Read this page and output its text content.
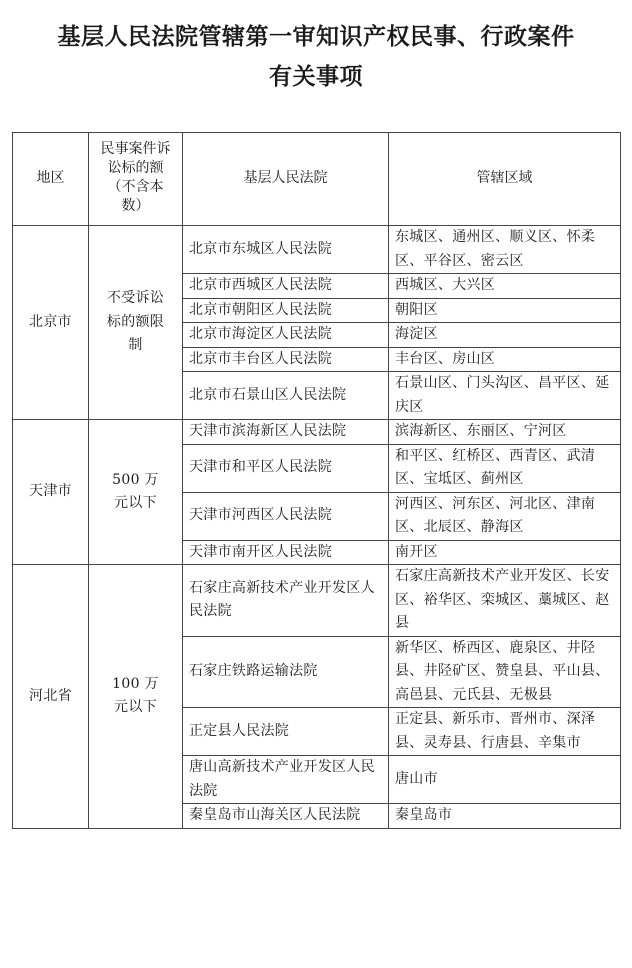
基层人民法院管辖第一审知识产权民事、行政案件
有关事项
地区	民事案件诉讼标的额（不含本数）	基层人民法院	管辖区域
北京市	不受诉讼标的额限制	北京市东城区人民法院	东城区、通州区、顺义区、怀柔区、平谷区、密云区
		北京市西城区人民法院	西城区、大兴区
		北京市朝阳区人民法院	朝阳区
		北京市海淀区人民法院	海淀区
		北京市丰台区人民法院	丰台区、房山区
		北京市石景山区人民法院	石景山区、门头沟区、昌平区、延庆区
天津市	500 万元以下	天津市滨海新区人民法院	滨海新区、东丽区、宁河区
		天津市和平区人民法院	和平区、红桥区、西青区、武清区、宝坻区、蓟州区
		天津市河西区人民法院	河西区、河东区、河北区、津南区、北辰区、静海区
		天津市南开区人民法院	南开区
河北省	100 万元以下	石家庄高新技术产业开发区人民法院	石家庄高新技术产业开发区、长安区、裕华区、栾城区、藁城区、赵县
		石家庄铁路运输法院	新华区、桥西区、鹿泉区、井陉县、井陉矿区、赞皇县、平山县、高邑县、元氏县、无极县
		正定县人民法院	正定县、新乐市、晋州市、深泽县、灵寿县、行唐县、辛集市
		唐山高新技术产业开发区人民法院	唐山市
		秦皇岛市山海关区人民法院	秦皇岛市
